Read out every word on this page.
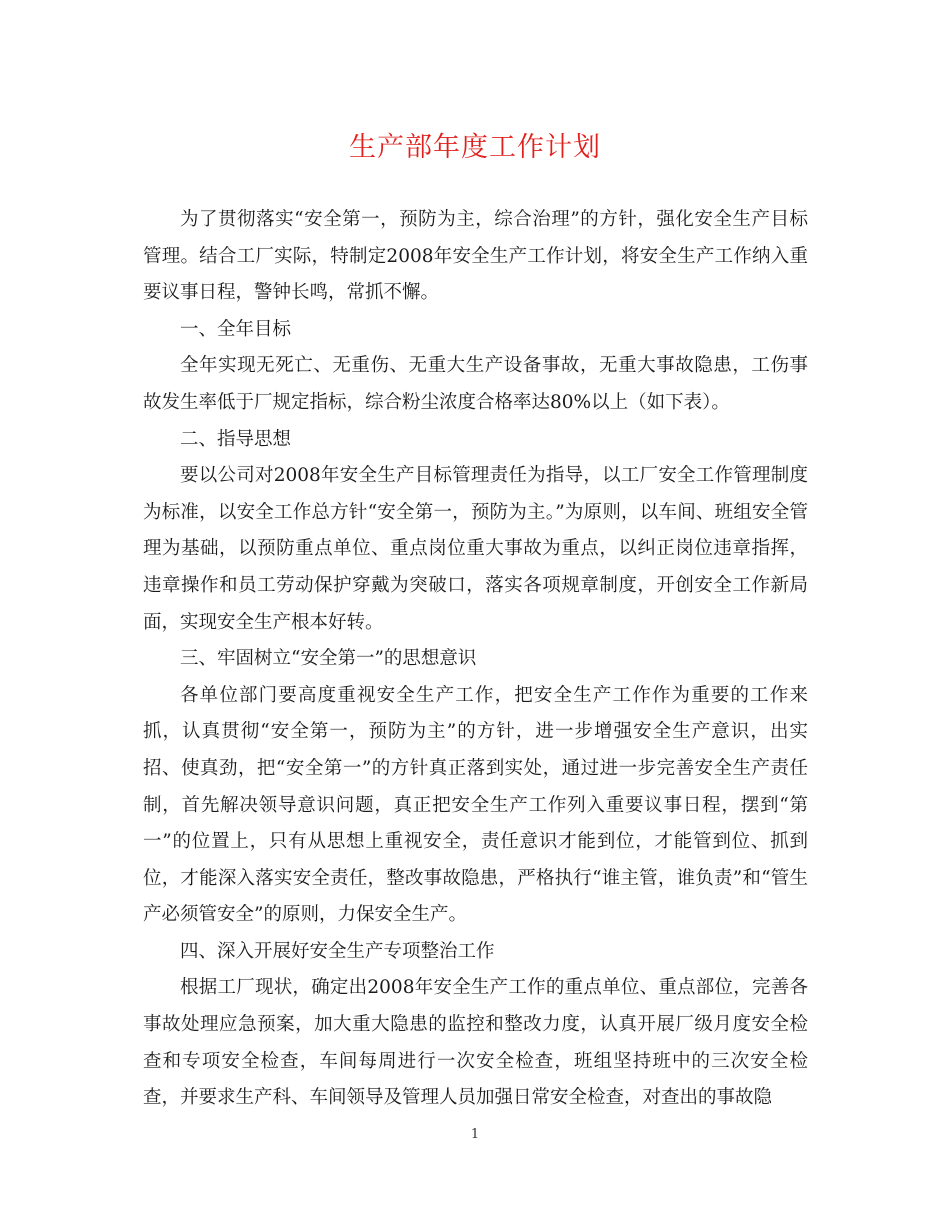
生产部年度工作计划

为了贯彻落实“安全第一，预防为主，综合治理”的方针，强化安全生产目标管理。结合工厂实际，特制定2008年安全生产工作计划，将安全生产工作纳入重要议事日程，警钟长鸣，常抓不懈。

一、全年目标

全年实现无死亡、无重伤、无重大生产设备事故，无重大事故隐患，工伤事故发生率低于厂规定指标，综合粉尘浓度合格率达80%以上（如下表）。

二、指导思想

要以公司对2008年安全生产目标管理责任为指导，以工厂安全工作管理制度为标准，以安全工作总方针“安全第一，预防为主。”为原则，以车间、班组安全管理为基础，以预防重点单位、重点岗位重大事故为重点，以纠正岗位违章指挥，违章操作和员工劳动保护穿戴为突破口，落实各项规章制度，开创安全工作新局面，实现安全生产根本好转。

三、牢固树立“安全第一”的思想意识

各单位部门要高度重视安全生产工作，把安全生产工作作为重要的工作来抓，认真贯彻“安全第一，预防为主”的方针，进一步增强安全生产意识，出实招、使真劲，把“安全第一”的方针真正落到实处，通过进一步完善安全生产责任制，首先解决领导意识问题，真正把安全生产工作列入重要议事日程，摆到“第一”的位置上，只有从思想上重视安全，责任意识才能到位，才能管到位、抓到位，才能深入落实安全责任，整改事故隐患，严格执行“谁主管，谁负责”和“管生产必须管安全”的原则，力保安全生产。

四、深入开展好安全生产专项整治工作

根据工厂现状，确定出2008年安全生产工作的重点单位、重点部位，完善各事故处理应急预案，加大重大隐患的监控和整改力度，认真开展厂级月度安全检查和专项安全检查，车间每周进行一次安全检查，班组坚持班中的三次安全检查，并要求生产科、车间领导及管理人员加强日常安全检查，对查出的事故隐

1
